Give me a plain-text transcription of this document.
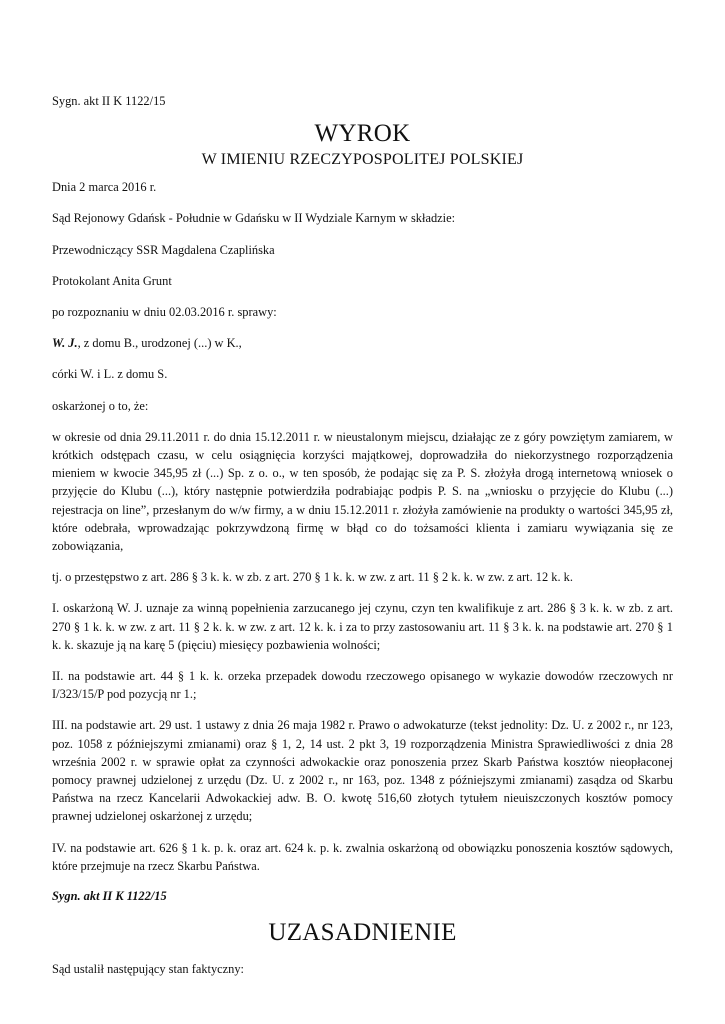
Sygn. akt II K 1122/15

WYROK

W IMIENIU RZECZYPOSPOLITEJ POLSKIEJ

Dnia 2 marca 2016 r.

Sąd Rejonowy Gdańsk - Południe w Gdańsku w II Wydziale Karnym w składzie:

Przewodniczący SSR Magdalena Czaplińska

Protokolant Anita Grunt

po rozpoznaniu w dniu 02.03.2016 r. sprawy:

W. J., z domu B., urodzonej (...) w K.,

córki W. i L. z domu S.

oskarżonej o to, że:

w okresie od dnia 29.11.2011 r. do dnia 15.12.2011 r. w nieustalonym miejscu, działając ze z góry powziętym zamiarem, w krótkich odstępach czasu, w celu osiągnięcia korzyści majątkowej, doprowadziła do niekorzystnego rozporządzenia mieniem w kwocie 345,95 zł (...) Sp. z o. o., w ten sposób, że podając się za P. S. złożyła drogą internetową wniosek o przyjęcie do Klubu (...), który następnie potwierdziła podrabiając podpis P. S. na „wniosku o przyjęcie do Klubu (...) rejestracja on line”, przesłanym do w/w firmy, a w dniu 15.12.2011 r. złożyła zamówienie na produkty o wartości 345,95 zł, które odebrała, wprowadzając pokrzywdzoną firmę w błąd co do tożsamości klienta i zamiaru wywiązania się ze zobowiązania,

tj. o przestępstwo z art. 286 § 3 k. k. w zb. z art. 270 § 1 k. k. w zw. z art. 11 § 2 k. k. w zw. z art. 12 k. k.

I. oskarżoną W. J. uznaje za winną popełnienia zarzucanego jej czynu, czyn ten kwalifikuje z art. 286 § 3 k. k. w zb. z art. 270 § 1 k. k. w zw. z art. 11 § 2 k. k. w zw. z art. 12 k. k. i za to przy zastosowaniu art. 11 § 3 k. k. na podstawie art. 270 § 1 k. k. skazuje ją na karę 5 (pięciu) miesięcy pozbawienia wolności;

II. na podstawie art. 44 § 1 k. k. orzeka przepadek dowodu rzeczowego opisanego w wykazie dowodów rzeczowych nr I/323/15/P pod pozycją nr 1.;

III. na podstawie art. 29 ust. 1 ustawy z dnia 26 maja 1982 r. Prawo o adwokaturze (tekst jednolity: Dz. U. z 2002 r., nr 123, poz. 1058 z późniejszymi zmianami) oraz § 1, 2, 14 ust. 2 pkt 3, 19 rozporządzenia Ministra Sprawiedliwości z dnia 28 września 2002 r. w sprawie opłat za czynności adwokackie oraz ponoszenia przez Skarb Państwa kosztów nieopłaconej pomocy prawnej udzielonej z urzędu (Dz. U. z 2002 r., nr 163, poz. 1348 z późniejszymi zmianami) zasądza od Skarbu Państwa na rzecz Kancelarii Adwokackiej adw. B. O. kwotę 516,60 złotych tytułem nieuiszczonych kosztów pomocy prawnej udzielonej oskarżonej z urzędu;

IV. na podstawie art. 626 § 1 k. p. k. oraz art. 624 k. p. k. zwalnia oskarżoną od obowiązku ponoszenia kosztów sądowych, które przejmuje na rzecz Skarbu Państwa.

Sygn. akt II K 1122/15

UZASADNIENIE

Sąd ustalił następujący stan faktyczny:
